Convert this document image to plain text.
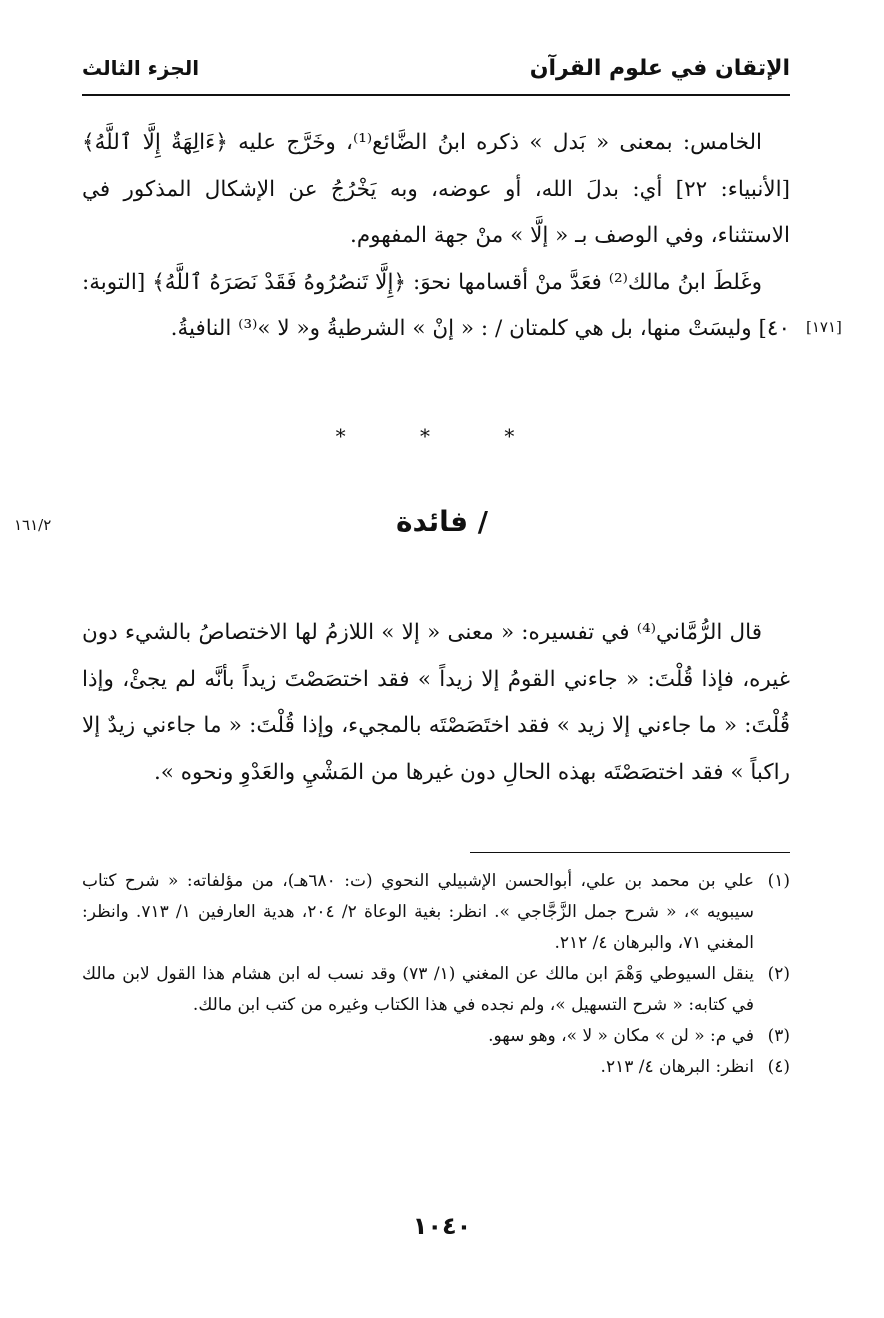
الإتقان في علوم القرآن
الجزء الثالث

الخامس: بمعنى « بَدل » ذكره ابنُ الضَّائع⁽¹⁾، وخَرَّج عليه ﴿ءَالِهَةٌ إِلَّا ٱللَّهُ﴾ [الأنبياء: ٢٢] أي: بدلَ الله، أو عوضه، وبه يَخْرُجُ عن الإشكال المذكور في الاستثناء، وفي الوصف بـ « إلَّا » منْ جهة المفهوم.

وغَلطَ ابنُ مالك⁽²⁾ فعَدَّ منْ أقسامها نحوَ: ﴿إِلَّا تَنصُرُوهُ فَقَدْ نَصَرَهُ ٱللَّهُ﴾ [التوبة: ٤٠] وليسَتْ منها، بل هي كلمتان / : « إنْ » الشرطيةُ و« لا »⁽³⁾ النافيةُ. [١٧١]
١٦١/٢
* * *
/ فائدة

قال الرُّمَّاني⁽⁴⁾ في تفسيره: « معنى « إلا » اللازمُ لها الاختصاصُ بالشيء دون غيره، فإذا قُلْتَ: « جاءني القومُ إلا زيداً » فقد اختصَصْتَ زيداً بأنَّه لم يجئْ، وإذا قُلْتَ: « ما جاءني إلا زيد » فقد اختَصَصْتَه بالمجيء، وإذا قُلْتَ: « ما جاءني زيدٌ إلا راكباً » فقد اختصَصْتَه بهذه الحالِ دون غيرها من المَشْيِ والعَدْوِ ونحوه ».

(١)علي بن محمد بن علي، أبوالحسن الإشبيلي النحوي (ت: ٦٨٠هـ)، من مؤلفاته: « شرح كتاب سيبويه »، « شرح جمل الزَّجَّاجي ». انظر: بغية الوعاة ٢/ ٢٠٤، هدية العارفين ١/ ٧١٣. وانظر: المغني ٧١، والبرهان ٤/ ٢١٢.

(٢)ينقل السيوطي وَهْمَ ابن مالك عن المغني (١/ ٧٣) وقد نسب له ابن هشام هذا القول لابن مالك في كتابه: « شرح التسهيل »، ولم نجده في هذا الكتاب وغيره من كتب ابن مالك.

(٣)في م: « لن » مكان « لا »، وهو سهو.

(٤)انظر: البرهان ٤/ ٢١٣.

١٠٤٠
